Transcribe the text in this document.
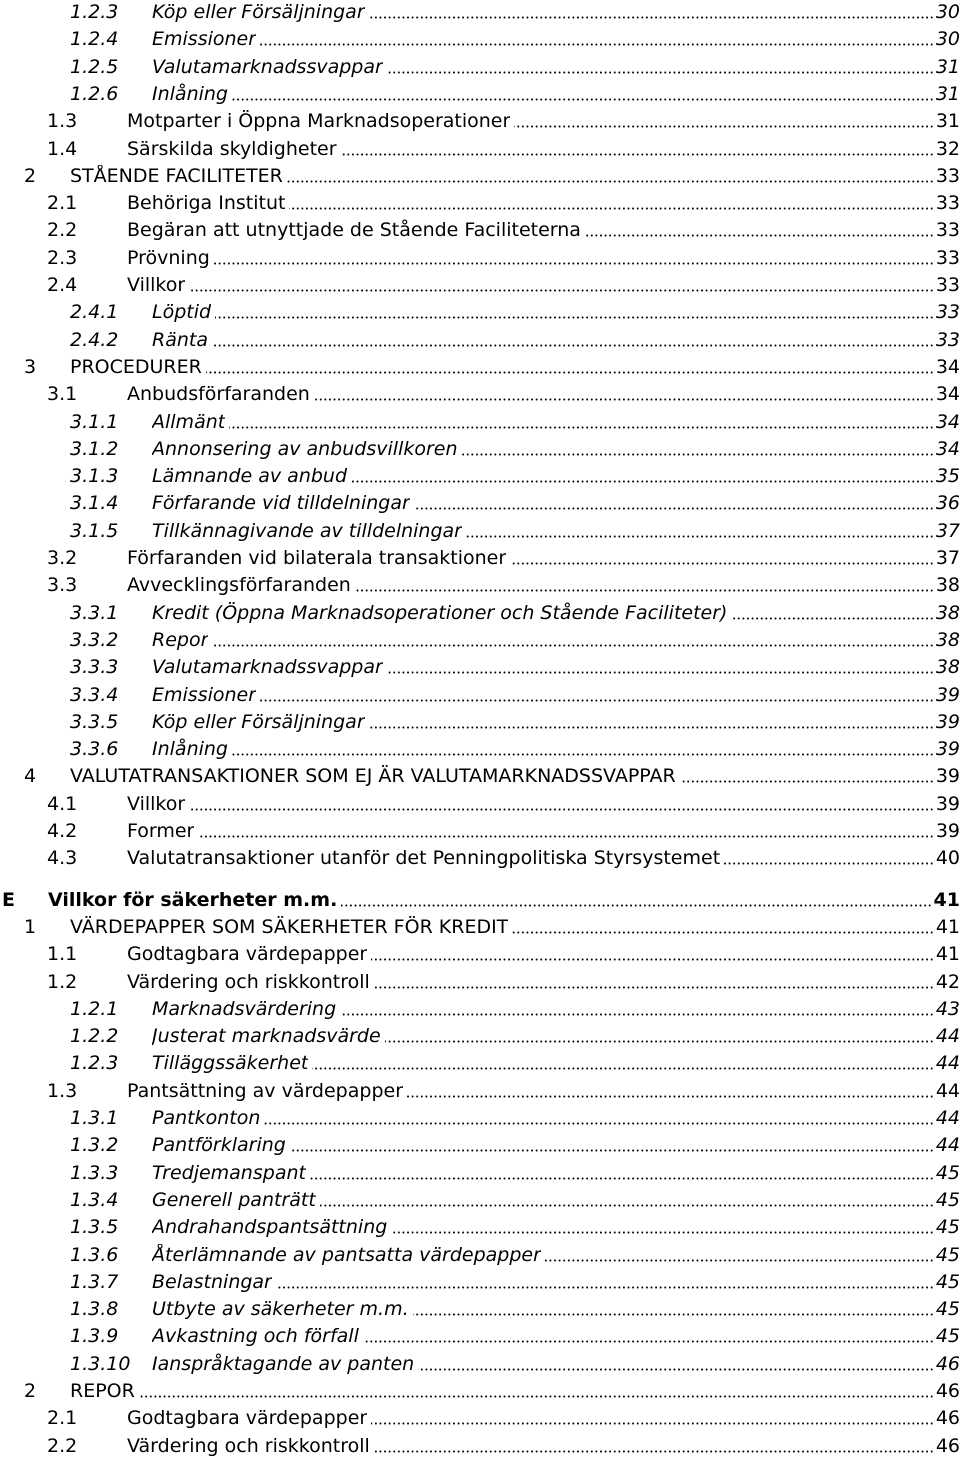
1.2.3 Köp eller Försäljningar	30
1.2.4 Emissioner	30
1.2.5 Valutamarknadssvappar	31
1.2.6 Inlåning	31
1.3	Motparter i Öppna Marknadsoperationer	31
1.4	Särskilda skyldigheter	32
2 STÅENDE FACILITETER	33
2.1	Behöriga Institut	33
2.2	Begäran att utnyttjade de Stående Faciliteterna	33
2.3	Prövning	33
2.4	Villkor	33
2.4.1 Löptid	33
2.4.2 Ränta	33
3 PROCEDURER	34
3.1	Anbudsförfaranden	34
3.1.1 Allmänt	34
3.1.2 Annonsering av anbudsvillkoren	34
3.1.3 Lämnande av anbud	35
3.1.4 Förfarande vid tilldelningar	36
3.1.5 Tillkännagivande av tilldelningar	37
3.2	Förfaranden vid bilaterala transaktioner	37
3.3	Avvecklingsförfaranden	38
3.3.1 Kredit (Öppna Marknadsoperationer och Stående Faciliteter)	38
3.3.2 Repor	38
3.3.3 Valutamarknadssvappar	38
3.3.4 Emissioner	39
3.3.5 Köp eller Försäljningar	39
3.3.6 Inlåning	39
4 VALUTATRANSAKTIONER SOM EJ ÄR VALUTAMARKNADSSVAPPAR	39
4.1	Villkor	39
4.2	Former	39
4.3	Valutatransaktioner utanför det Penningpolitiska Styrsystemet	40
E Villkor för säkerheter m.m.	41
1 VÄRDEPAPPER SOM SÄKERHETER FÖR KREDIT	41
1.1	Godtagbara värdepapper	41
1.2	Värdering och riskkontroll	42
1.2.1 Marknadsvärdering	43
1.2.2 Justerat marknadsvärde	44
1.2.3 Tilläggssäkerhet	44
1.3	Pantsättning av värdepapper	44
1.3.1 Pantkonton	44
1.3.2 Pantförklaring	44
1.3.3 Tredjemanspant	45
1.3.4 Generell panträtt	45
1.3.5 Andrahandspantsättning	45
1.3.6 Återlämnande av pantsatta värdepapper	45
1.3.7 Belastningar	45
1.3.8 Utbyte av säkerheter m.m.	45
1.3.9 Avkastning och förfall	45
1.3.10 Ianspråktagande av panten	46
2 REPOR	46
2.1	Godtagbara värdepapper	46
2.2	Värdering och riskkontroll	46
